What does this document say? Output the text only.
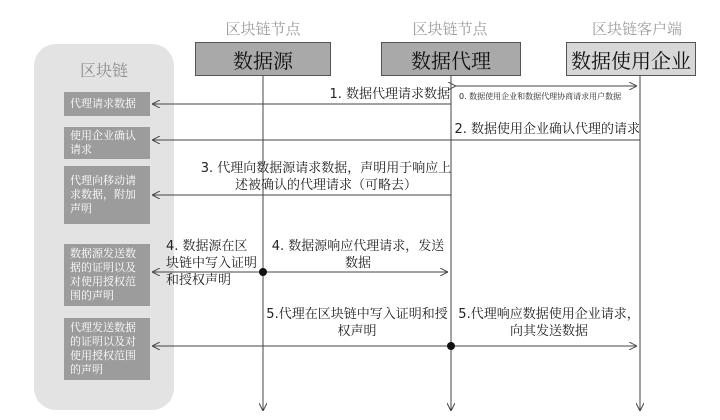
区块链
代理请求数据
使用企业确认请求
代理向移动请求数据，附加声明
数据源发送数据的证明以及对使用授权范围的声明
代理发送数据的证明以及对使用授权范围的声明
区块链节点	区块链节点	区块链客户端
数据源	数据代理	数据使用企业
1. 数据代理请求数据 0. 数据使用企业和数据代理协商请求用户数据
2. 数据使用企业确认代理的请求
3. 代理向数据源请求数据，声明用于响应上述被确认的代理请求（可略去）
4. 数据源在区块链中写入证明和授权声明
4. 数据源响应代理请求，发送数据
5.代理在区块链中写入证明和授权声明
5.代理响应数据使用企业请求，向其发送数据
